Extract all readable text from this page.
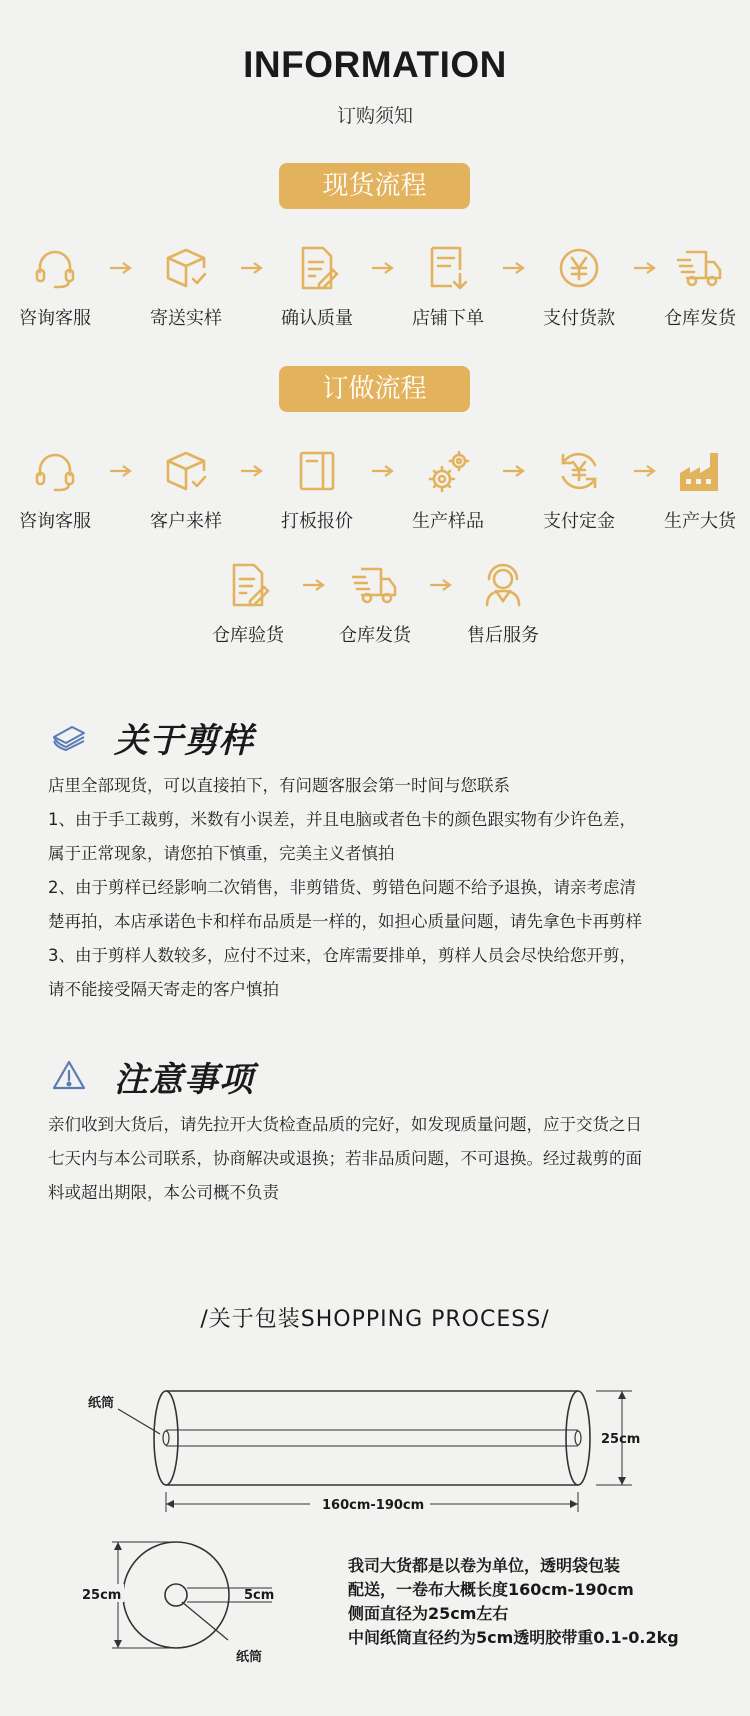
INFORMATION
订购须知
现货流程
咨询客服	寄送实样	确认质量	店铺下单	支付货款	仓库发货
订做流程
咨询客服	客户来样	打板报价	生产样品	支付定金	生产大货
仓库验货	仓库发货	售后服务
关于剪样
店里全部现货，可以直接拍下，有问题客服会第一时间与您联系
1、由于手工裁剪，米数有小误差，并且电脑或者色卡的颜色跟实物有少许色差，
属于正常现象，请您拍下慎重，完美主义者慎拍
2、由于剪样已经影响二次销售，非剪错货、剪错色问题不给予退换，请亲考虑清
楚再拍，本店承诺色卡和样布品质是一样的，如担心质量问题，请先拿色卡再剪样
3、由于剪样人数较多，应付不过来，仓库需要排单，剪样人员会尽快给您开剪，
请不能接受隔天寄走的客户慎拍
注意事项
亲们收到大货后，请先拉开大货检查品质的完好，如发现质量问题，应于交货之日
七天内与本公司联系，协商解决或退换；若非品质问题，不可退换。经过裁剪的面
料或超出期限，本公司概不负责
/关于包装SHOPPING PROCESS/
纸筒
25cm
160cm-190cm
25cm	5cm
纸筒
我司大货都是以卷为单位，透明袋包装
配送，一卷布大概长度160cm-190cm
侧面直径为25cm左右
中间纸筒直径约为5cm透明胶带重0.1-0.2kg
